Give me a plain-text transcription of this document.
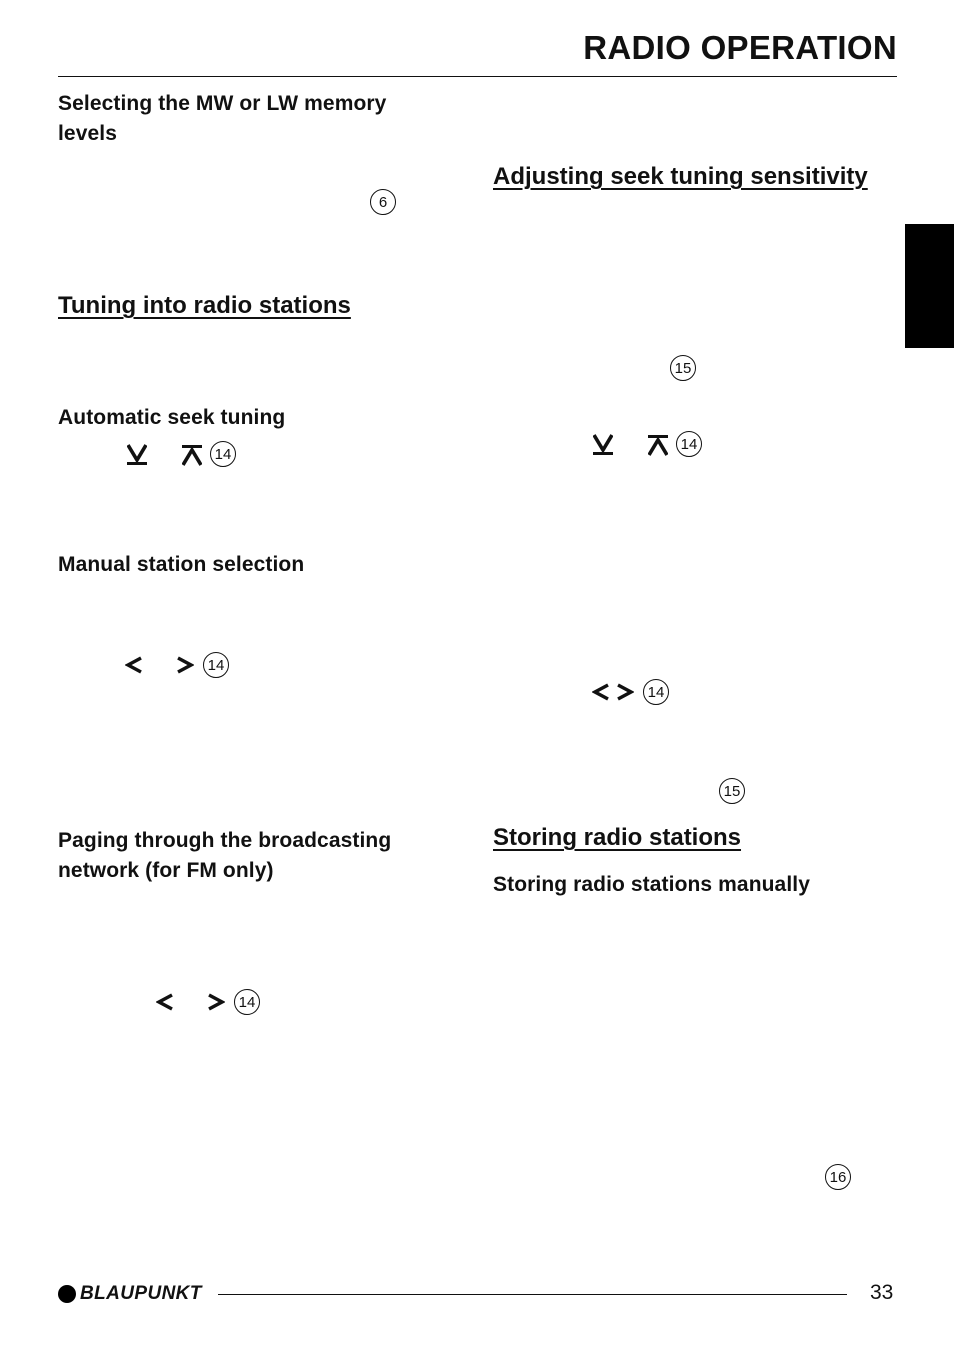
RADIO OPERATION
Selecting the MW or LW memory levels
6
Tuning into radio stations
Automatic seek tuning
14
Manual station selection
14
Paging through the broadcasting network (for FM only)
14
Adjusting seek tuning sensitivity
15
14
14
15
Storing radio stations
Storing radio stations manually
16
BLAUPUNKT	33
